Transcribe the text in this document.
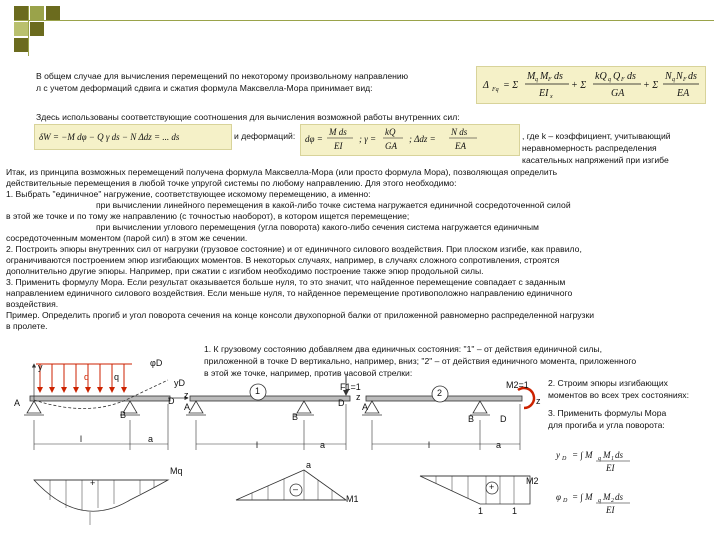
В общем случае для вычисления перемещений по некоторому произвольному направлению
л с учетом деформаций сдвига и сжатия формула Максвелла-Мора принимает вид:	Δ Fq = Σ
M q M F ds
EI x
+ Σ
kQ q Q F ds
GA
+ Σ
N q N F ds
EA
Здесь использованы соответствующие соотношения для вычисления возможной работы внутренних сил:
δW = −M dφ − Q γ ds − N Δdz = ... ds	и деформаций: dφ =
M ds
EI
; γ =
kQ
GA
; Δdz =
N ds
EA
, где k – коэффициент, учитывающий
неравномерность распределения
касательных напряжений при изгибе
Итак, из принципа возможных перемещений получена формула Максвелла-Мора (или просто формула Мора), позволяющая определить
действительные перемещения в любой точке упругой системы по любому направлению. Для этого необходимо:
1. Выбрать "единичное" нагружение, соответствующее искомому перемещению, а именно:
при вычислении линейного перемещения в какой-либо точке система нагружается единичной сосредоточенной силой
в этой же точке и по тому же направлению (с точностью наоборот), в котором ищется перемещение;
при вычислении углового перемещения (угла поворота) какого-либо сечения система нагружается единичным
сосредоточенным моментом (парой сил) в этом же сечении.
2. Построить эпюры внутренних сил от нагрузки (грузовое состояние) и от единичного силового воздействия. При плоском изгибе, как правило,
ограничиваются построением эпюр изгибающих моментов. В некоторых случаях, например, в случаях сложного сопротивления, строятся
дополнительно другие эпюры. Например, при сжатии с изгибом необходимо построение также эпюр продольной силы.
3. Применить формулу Мора. Если результат оказывается больше нуля, то это значит, что найденное перемещение совпадает с заданным
направлением единичного силового воздействия. Если меньше нуля, то найденное перемещение противоположно направлению единичного
воздействия.
Пример. Определить прогиб и угол поворота сечения на конце консоли двухопорной балки от приложенной равномерно распределенной нагрузки
в пролете.
1. К грузовому состоянию добавляем два единичных состояния: "1" – от действия единичной силы,
приложенной в точке D вертикально, например, вниз; "2" – от действия единичного момента, приложенного
в этой же точке, например, против часовой стрелки:
2. Строим эпюры изгибающих
моментов во всех трех состояниях:
3. Применить формулы Мора
для прогиба и угла поворота:
y D = ∫ M q M 1 ds
EI
φ D = ∫ M q M 2 ds
EI
q	q
y
A
B
D
z
l	a
φD
yD
Mq
+
1	F1=1
A
B
D
z
l	a
a
–
M1
2
M2=1
A
B	D
z
l	a
M2
+
1	1
